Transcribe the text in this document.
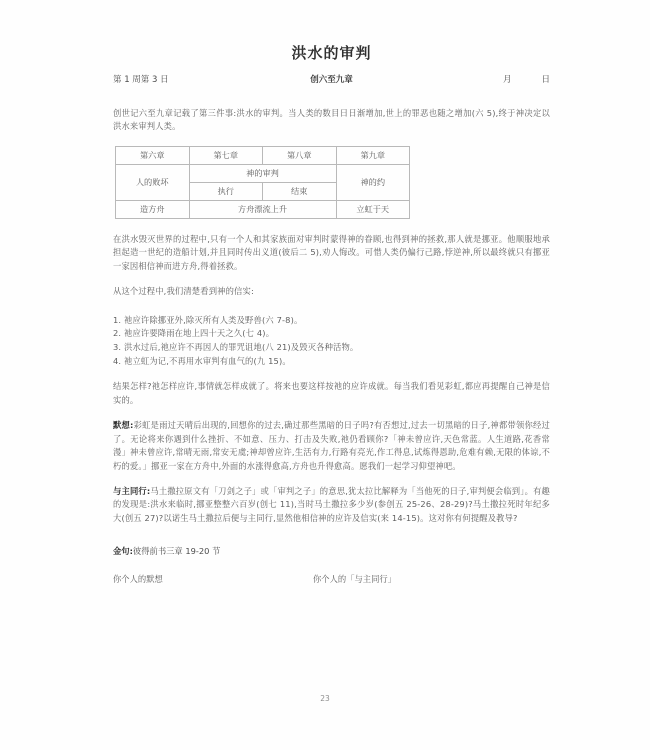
洪水的审判
第 1 周第 3 日	创六至九章	月	日

创世记六至九章记载了第三件事:洪水的审判。当人类的数目日日渐增加,世上的罪恶也随之增加(六 5),终于神决定以洪水来审判人类。

第六章	第七章	第八章	第九章
人的败坏	神的审判		神的约
	执行	结束	
造方舟	方舟漂流上升		立虹于天

在洪水毁灭世界的过程中,只有一个人和其家族面对审判时蒙得神的眷顾,也得到神的拯救,那人就是挪亚。他顺服地承担起造一世纪的造船计划,并且同时传出义道(彼后二 5),劝人悔改。可惜人类仍偏行己路,悖逆神,所以最终就只有挪亚一家因相信神而进方舟,得着拯救。

从这个过程中,我们清楚看到神的信实:

1. 祂应许除挪亚外,除灭所有人类及野兽(六 7-8)。
2. 祂应许要降雨在地上四十天之久(七 4)。
3. 洪水过后,祂应许不再因人的罪咒诅地(八 21)及毁灭各种活物。
4. 祂立虹为记,不再用水审判有血气的(九 15)。

结果怎样?祂怎样应许,事情就怎样成就了。将来也要这样按祂的应许成就。每当我们看见彩虹,都应再提醒自己神是信实的。

默想:彩虹是雨过天晴后出现的,回想你的过去,确过那些黑暗的日子吗?有否想过,过去一切黑暗的日子,神都带领你经过了。无论将来你遇到什么挫折、不如意、压力、打击及失败,祂仍看顾你?「神未曾应许,天色常蓝。人生道路,花香常漫」神未曾应许,常晴无雨,常安无虞;神却曾应许,生活有力,行路有亮光,作工得息,试炼得恩助,危难有赖,无限的体谅,不朽的爱。」挪亚一家在方舟中,外面的水涨得愈高,方舟也升得愈高。愿我们一起学习仰望神吧。

与主同行:马土撒拉原文有「刀剑之子」或「审判之子」的意思,犹太拉比解释为「当他死的日子,审判便会临到」。有趣的发现是:洪水来临时,挪亚整整六百岁(创七 11),当时马土撒拉多少岁(参创五 25-26、28-29)?马土撒拉死时年纪多大(创五 27)?以诺生马土撒拉后便与主同行,显然他相信神的应许及信实(来 14-15)。这对你有何提醒及教导?

金句:彼得前书三章 19-20 节
你个人的默想	你个人的「与主同行」
23
